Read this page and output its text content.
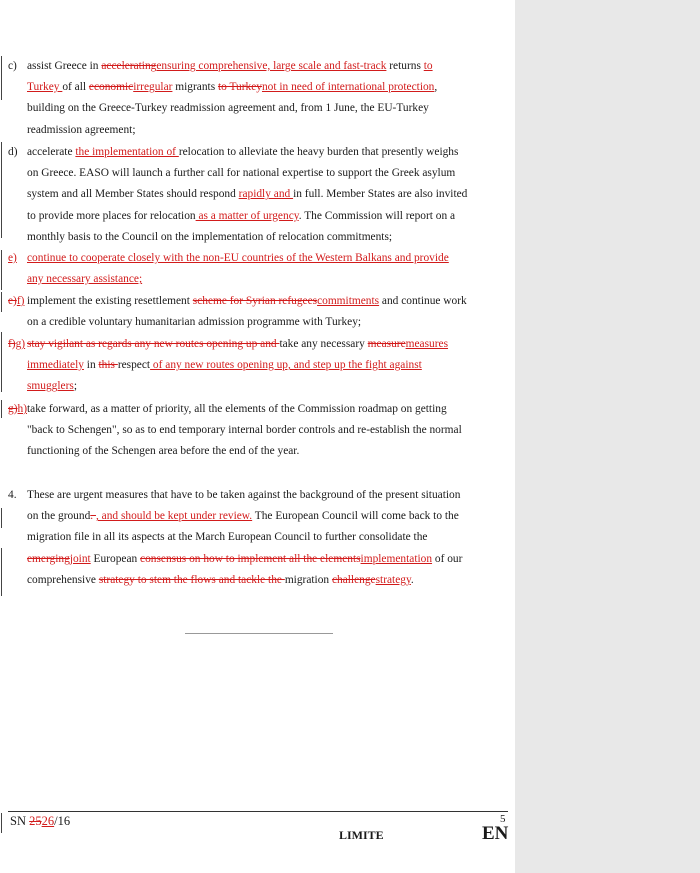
c) assist Greece in acceleratingensuring comprehensive, large scale and fast-track returns to
Turkey of all economicirregular migrants to Turkeynot in need of international protection,
building on the Greece-Turkey readmission agreement and, from 1 June, the EU-Turkey
readmission agreement;
d) accelerate the implementation of relocation to alleviate the heavy burden that presently weighs
on Greece. EASO will launch a further call for national expertise to support the Greek asylum
system and all Member States should respond rapidly and in full. Member States are also invited
to provide more places for relocation as a matter of urgency. The Commission will report on a
monthly basis to the Council on the implementation of relocation commitments;
e) continue to cooperate closely with the non-EU countries of the Western Balkans and provide
any necessary assistance;
e)f) implement the existing resettlement scheme for Syrian refugeescommitments and continue work
on a credible voluntary humanitarian admission programme with Turkey;
f)g) stay vigilant as regards any new routes opening up and take any necessary measuremeasures
immediately in this respect of any new routes opening up, and step up the fight against
smugglers;
g)h) take forward, as a matter of priority, all the elements of the Commission roadmap on getting
"back to Schengen", so as to end temporary internal border controls and re-establish the normal
functioning of the Schengen area before the end of the year.
4. These are urgent measures that have to be taken against the background of the present situation
on the ground. , and should be kept under review. The European Council will come back to the
migration file in all its aspects at the March European Council to further consolidate the
emergingjoint European consensus on how to implement all the elementsimplementation of our
comprehensive strategy to stem the flows and tackle the migration challengestrategy.
SN 2526/16	5
LIMITE	EN
